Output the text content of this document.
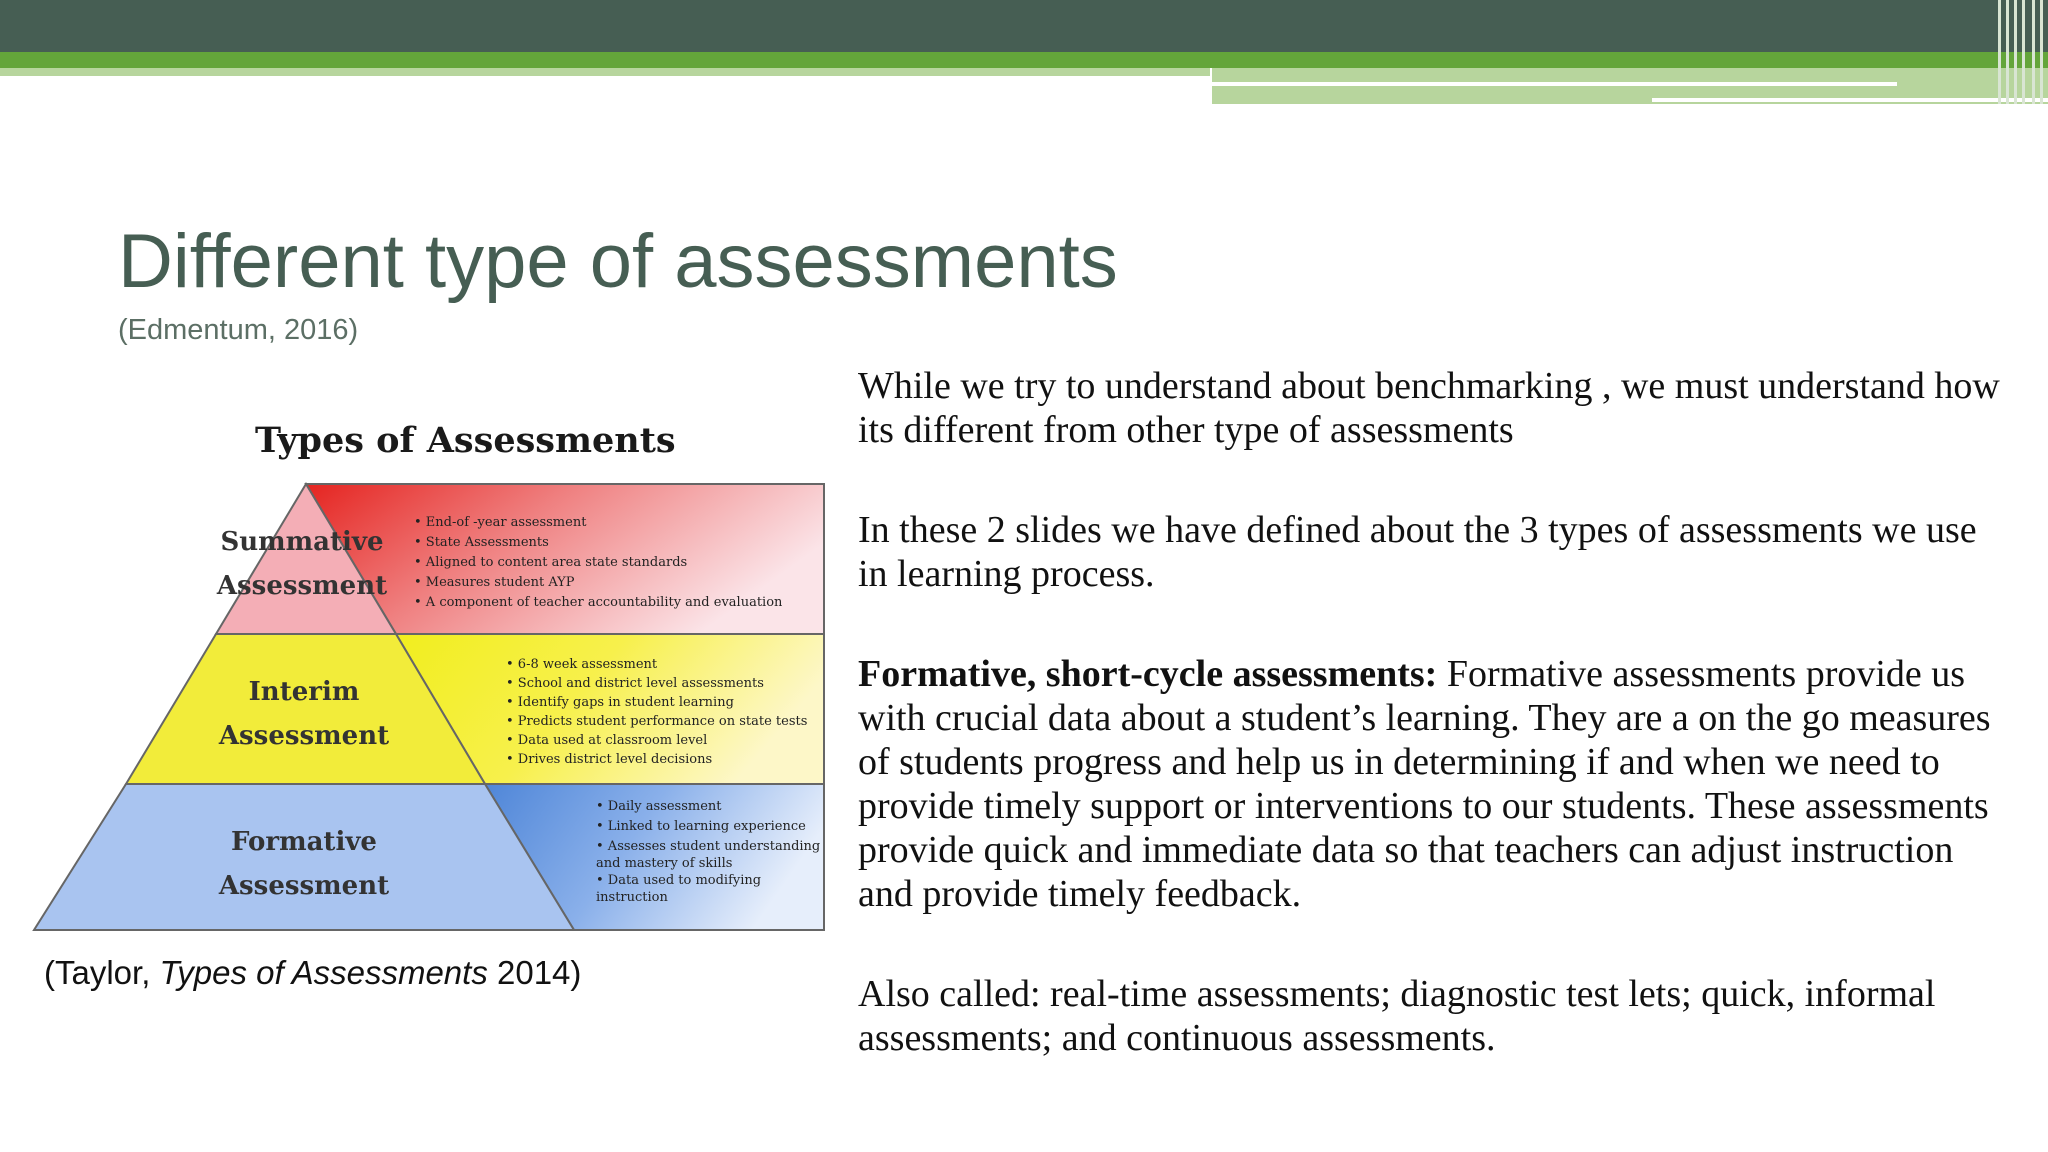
Different type of assessments
(Edmentum, 2016)
Types of Assessments
Summative
Assessment
Interim
Assessment
Formative
Assessment
• End-of -year assessment
• State Assessments
• Aligned to content area state standards
• Measures student AYP
• A component of teacher accountability and evaluation
• 6-8 week assessment
• School and district level assessments
• Identify gaps in student learning
• Predicts student performance on state tests
• Data used at classroom level
• Drives district level decisions
• Daily assessment
• Linked to learning experience
• Assesses student understanding and mastery of skills
• Data used to modifying instruction
(Taylor, Types of Assessments 2014)

While we try to understand about benchmarking , we must understand how its different from other type of assessments

In these 2 slides we have defined about the 3 types of assessments we use in learning process.

Formative, short-cycle assessments: Formative assessments provide us with crucial data about a student’s learning. They are a on the go measures of students progress and help us in determining if and when we need to provide timely support or interventions to our students. These assessments provide quick and immediate data so that teachers can adjust instruction and provide timely feedback.

Also called: real-time assessments; diagnostic test lets; quick, informal assessments; and continuous assessments.
